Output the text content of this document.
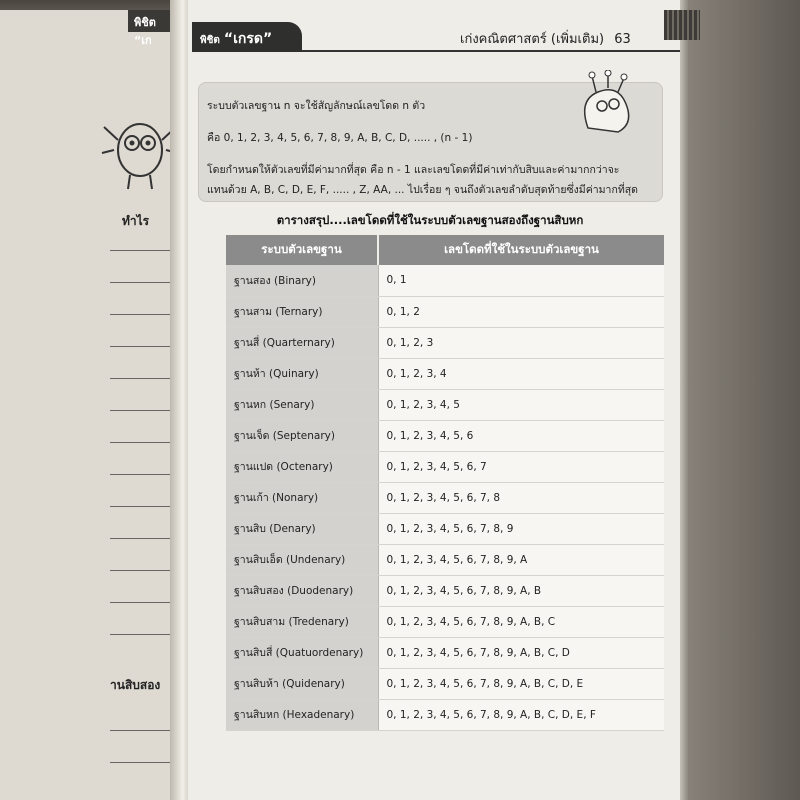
พิชิต “เก
ทำไร
านสิบสอง
พิชิต “เกรด”	เก่งคณิตศาสตร์ (เพิ่มเติม) 63

ระบบตัวเลขฐาน n จะใช้สัญลักษณ์เลขโดด n ตัว

คือ 0, 1, 2, 3, 4, 5, 6, 7, 8, 9, A, B, C, D, ..... , (n - 1)

โดยกำหนดให้ตัวเลขที่มีค่ามากที่สุด คือ n - 1 และเลขโดดที่มีค่าเท่ากับสิบและค่ามากกว่าจะ

แทนด้วย A, B, C, D, E, F, ..... , Z, AA, ... ไปเรื่อย ๆ จนถึงตัวเลขลำดับสุดท้ายซึ่งมีค่ามากที่สุด

ตารางสรุป....เลขโดดที่ใช้ในระบบตัวเลขฐานสองถึงฐานสิบหก
ระบบตัวเลขฐาน	เลขโดดที่ใช้ในระบบตัวเลขฐาน
ฐานสอง (Binary)	0, 1
ฐานสาม (Ternary)	0, 1, 2
ฐานสี่ (Quarternary)	0, 1, 2, 3
ฐานห้า (Quinary)	0, 1, 2, 3, 4
ฐานหก (Senary)	0, 1, 2, 3, 4, 5
ฐานเจ็ด (Septenary)	0, 1, 2, 3, 4, 5, 6
ฐานแปด (Octenary)	0, 1, 2, 3, 4, 5, 6, 7
ฐานเก้า (Nonary)	0, 1, 2, 3, 4, 5, 6, 7, 8
ฐานสิบ (Denary)	0, 1, 2, 3, 4, 5, 6, 7, 8, 9
ฐานสิบเอ็ด (Undenary)	0, 1, 2, 3, 4, 5, 6, 7, 8, 9, A
ฐานสิบสอง (Duodenary)	0, 1, 2, 3, 4, 5, 6, 7, 8, 9, A, B
ฐานสิบสาม (Tredenary)	0, 1, 2, 3, 4, 5, 6, 7, 8, 9, A, B, C
ฐานสิบสี่ (Quatuordenary)	0, 1, 2, 3, 4, 5, 6, 7, 8, 9, A, B, C, D
ฐานสิบห้า (Quidenary)	0, 1, 2, 3, 4, 5, 6, 7, 8, 9, A, B, C, D, E
ฐานสิบหก (Hexadenary)	0, 1, 2, 3, 4, 5, 6, 7, 8, 9, A, B, C, D, E, F
